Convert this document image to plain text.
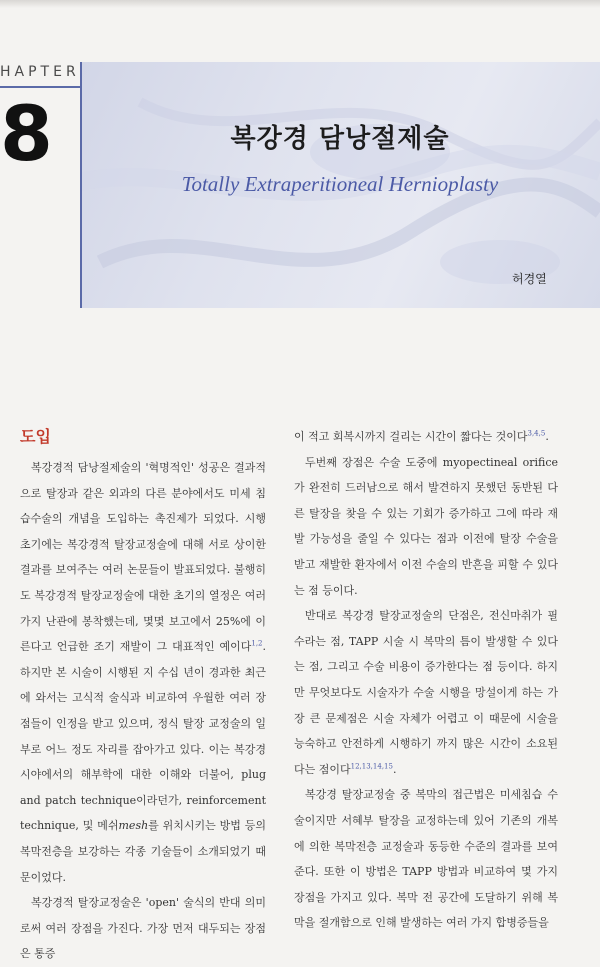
HAPTER
8	복강경 담낭절제술
Totally Extraperitioneal Hernioplasty
허경열
도입

복강경적 담낭절제술의 '혁명적인' 성공은 결과적으로 탈장과 같은 외과의 다른 분야에서도 미세 침습수술의 개념을 도입하는 촉진제가 되었다. 시행 초기에는 복강경적 탈장교정술에 대해 서로 상이한 결과를 보여주는 여러 논문들이 발표되었다. 불행히도 복강경적 탈장교정술에 대한 초기의 열정은 여러 가지 난관에 봉착했는데, 몇몇 보고에서 25%에 이른다고 언급한 조기 재발이 그 대표적인 예이다$^{1,2}$. 하지만 본 시술이 시행된 지 수십 년이 경과한 최근에 와서는 고식적 술식과 비교하여 우월한 여러 장점들이 인정을 받고 있으며, 정식 탈장 교정술의 일부로 어느 정도 자리를 잡아가고 있다. 이는 복강경 시야에서의 해부학에 대한 이해와 더불어, plug and patch technique이라던가, reinforcement technique, 및 메쉬mesh를 위치시키는 방법 등의 복막전층을 보강하는 각종 기술들이 소개되었기 때문이었다.

복강경적 탈장교정술은 'open' 술식의 반대 의미로써 여러 장점을 가진다. 가장 먼저 대두되는 장점은 통증

이 적고 회복시까지 걸리는 시간이 짧다는 것이다$^{3,4,5}$.

두번째 장점은 수술 도중에 myopectineal orifice가 완전히 드러남으로 해서 발견하지 못했던 동반된 다른 탈장을 찾을 수 있는 기회가 증가하고 그에 따라 재발 가능성을 줄일 수 있다는 점과 이전에 탈장 수술을 받고 재발한 환자에서 이전 수술의 반흔을 피할 수 있다는 점 등이다.

반대로 복강경 탈장교정술의 단점은, 전신마취가 필수라는 점, TAPP 시술 시 복막의 틈이 발생할 수 있다는 점, 그리고 수술 비용이 증가한다는 점 등이다. 하지만 무엇보다도 시술자가 수술 시행을 망설이게 하는 가장 큰 문제점은 시술 자체가 어렵고 이 때문에 시술을 능숙하고 안전하게 시행하기 까지 많은 시간이 소요된다는 점이다$^{12,13,14,15}$.

복강경 탈장교정술 중 복막의 접근법은 미세침습 수술이지만 서혜부 탈장을 교정하는데 있어 기존의 개복에 의한 복막전층 교정술과 동등한 수준의 결과를 보여준다. 또한 이 방법은 TAPP 방법과 비교하여 몇 가지 장점을 가지고 있다. 복막 전 공간에 도달하기 위해 복막을 절개함으로 인해 발생하는 여러 가지 합병증들을
